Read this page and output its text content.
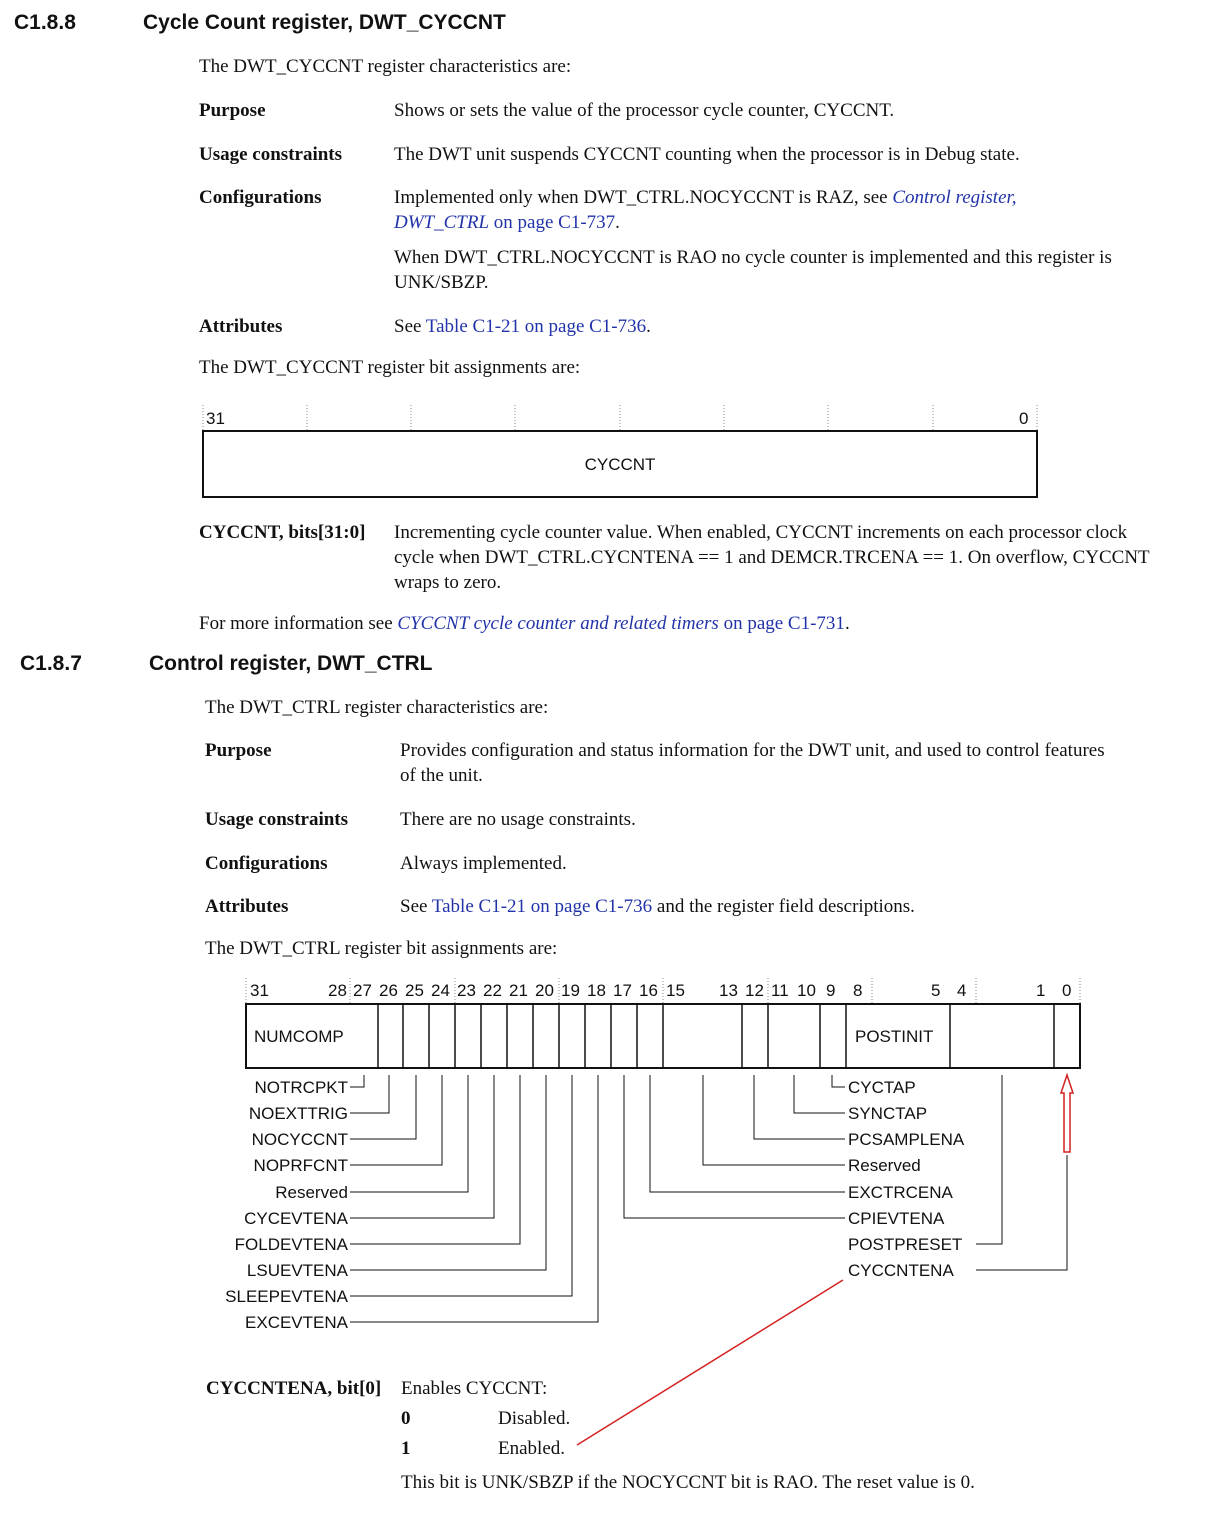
C1.8.8	Cycle Count register, DWT_CYCCNT
The DWT_CYCCNT register characteristics are:
Purpose	Shows or sets the value of the processor cycle counter, CYCCNT.
Usage constraints	The DWT unit suspends CYCCNT counting when the processor is in Debug state.
Configurations	Implemented only when DWT_CTRL.NOCYCCNT is RAZ, see Control register, DWT_CTRL on page C1-737.
When DWT_CTRL.NOCYCCNT is RAO no cycle counter is implemented and this register is UNK/SBZP.
Attributes	See Table C1-21 on page C1-736.
The DWT_CYCCNT register bit assignments are:
31	0
CYCCNT
31	28 27 26 25 24 23 22 21 20 19 18 17 16 15 13 12 11 10 9 8	5 4	1 0
NUMCOMP	POSTINIT
NOTRCPKT
NOEXTTRIG
NOCYCCNT
NOPRFCNT
Reserved
CYCEVTENA
FOLDEVTENA
LSUEVTENA
SLEEPEVTENA
EXCEVTENA
CYCTAP
SYNCTAP
PCSAMPLENA
Reserved
EXCTRCENA
CPIEVTENA
POSTPRESET
CYCCNTENA
CYCCNT, bits[31:0] Incrementing cycle counter value. When enabled, CYCCNT increments on each processor clock cycle when DWT_CTRL.CYCNTENA == 1 and DEMCR.TRCENA == 1. On overflow, CYCCNT wraps to zero.
For more information see CYCCNT cycle counter and related timers on page C1-731.
C1.8.7	Control register, DWT_CTRL
The DWT_CTRL register characteristics are:
Purpose	Provides configuration and status information for the DWT unit, and used to control features of the unit.
Usage constraints	There are no usage constraints.
Configurations	Always implemented.
Attributes	See Table C1-21 on page C1-736 and the register field descriptions.
The DWT_CTRL register bit assignments are:
CYCCNTENA, bit[0] Enables CYCCNT:
0	Disabled.
1	Enabled.
This bit is UNK/SBZP if the NOCYCCNT bit is RAO. The reset value is 0.
